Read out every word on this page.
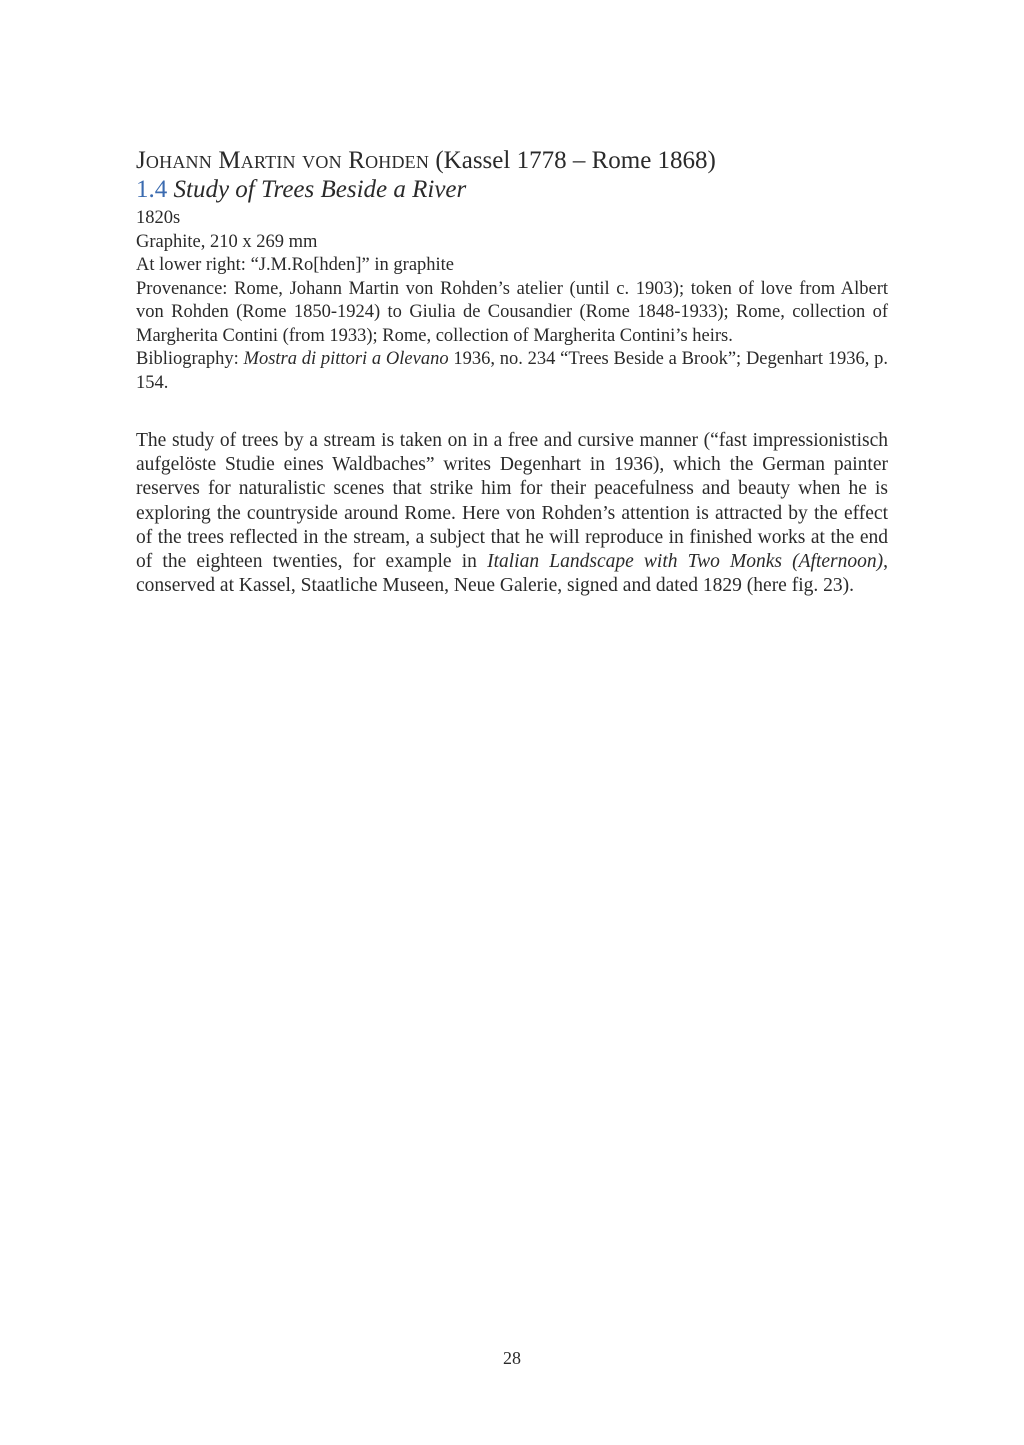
Johann Martin von Rohden (Kassel 1778 – Rome 1868)

1.4 Study of Trees Beside a River

1820s

Graphite, 210 x 269 mm

At lower right: “J.M.Ro[hden]” in graphite

Provenance: Rome, Johann Martin von Rohden’s atelier (until c. 1903); token of love from Albert von Rohden (Rome 1850-1924) to Giulia de Cousandier (Rome 1848-1933); Rome, collection of Margherita Contini (from 1933); Rome, collection of Margherita Contini’s heirs.

Bibliography: Mostra di pittori a Olevano 1936, no. 234 “Trees Beside a Brook”; Degenhart 1936, p. 154.

The study of trees by a stream is taken on in a free and cursive manner (“fast impressionistisch aufgelöste Studie eines Waldbaches” writes Degenhart in 1936), which the German painter reserves for naturalistic scenes that strike him for their peacefulness and beauty when he is exploring the countryside around Rome. Here von Rohden’s attention is attracted by the effect of the trees reflected in the stream, a subject that he will reproduce in finished works at the end of the eighteen twenties, for example in Italian Landscape with Two Monks (Afternoon), conserved at Kassel, Staatliche Museen, Neue Galerie, signed and dated 1829 (here fig. 23).

28
